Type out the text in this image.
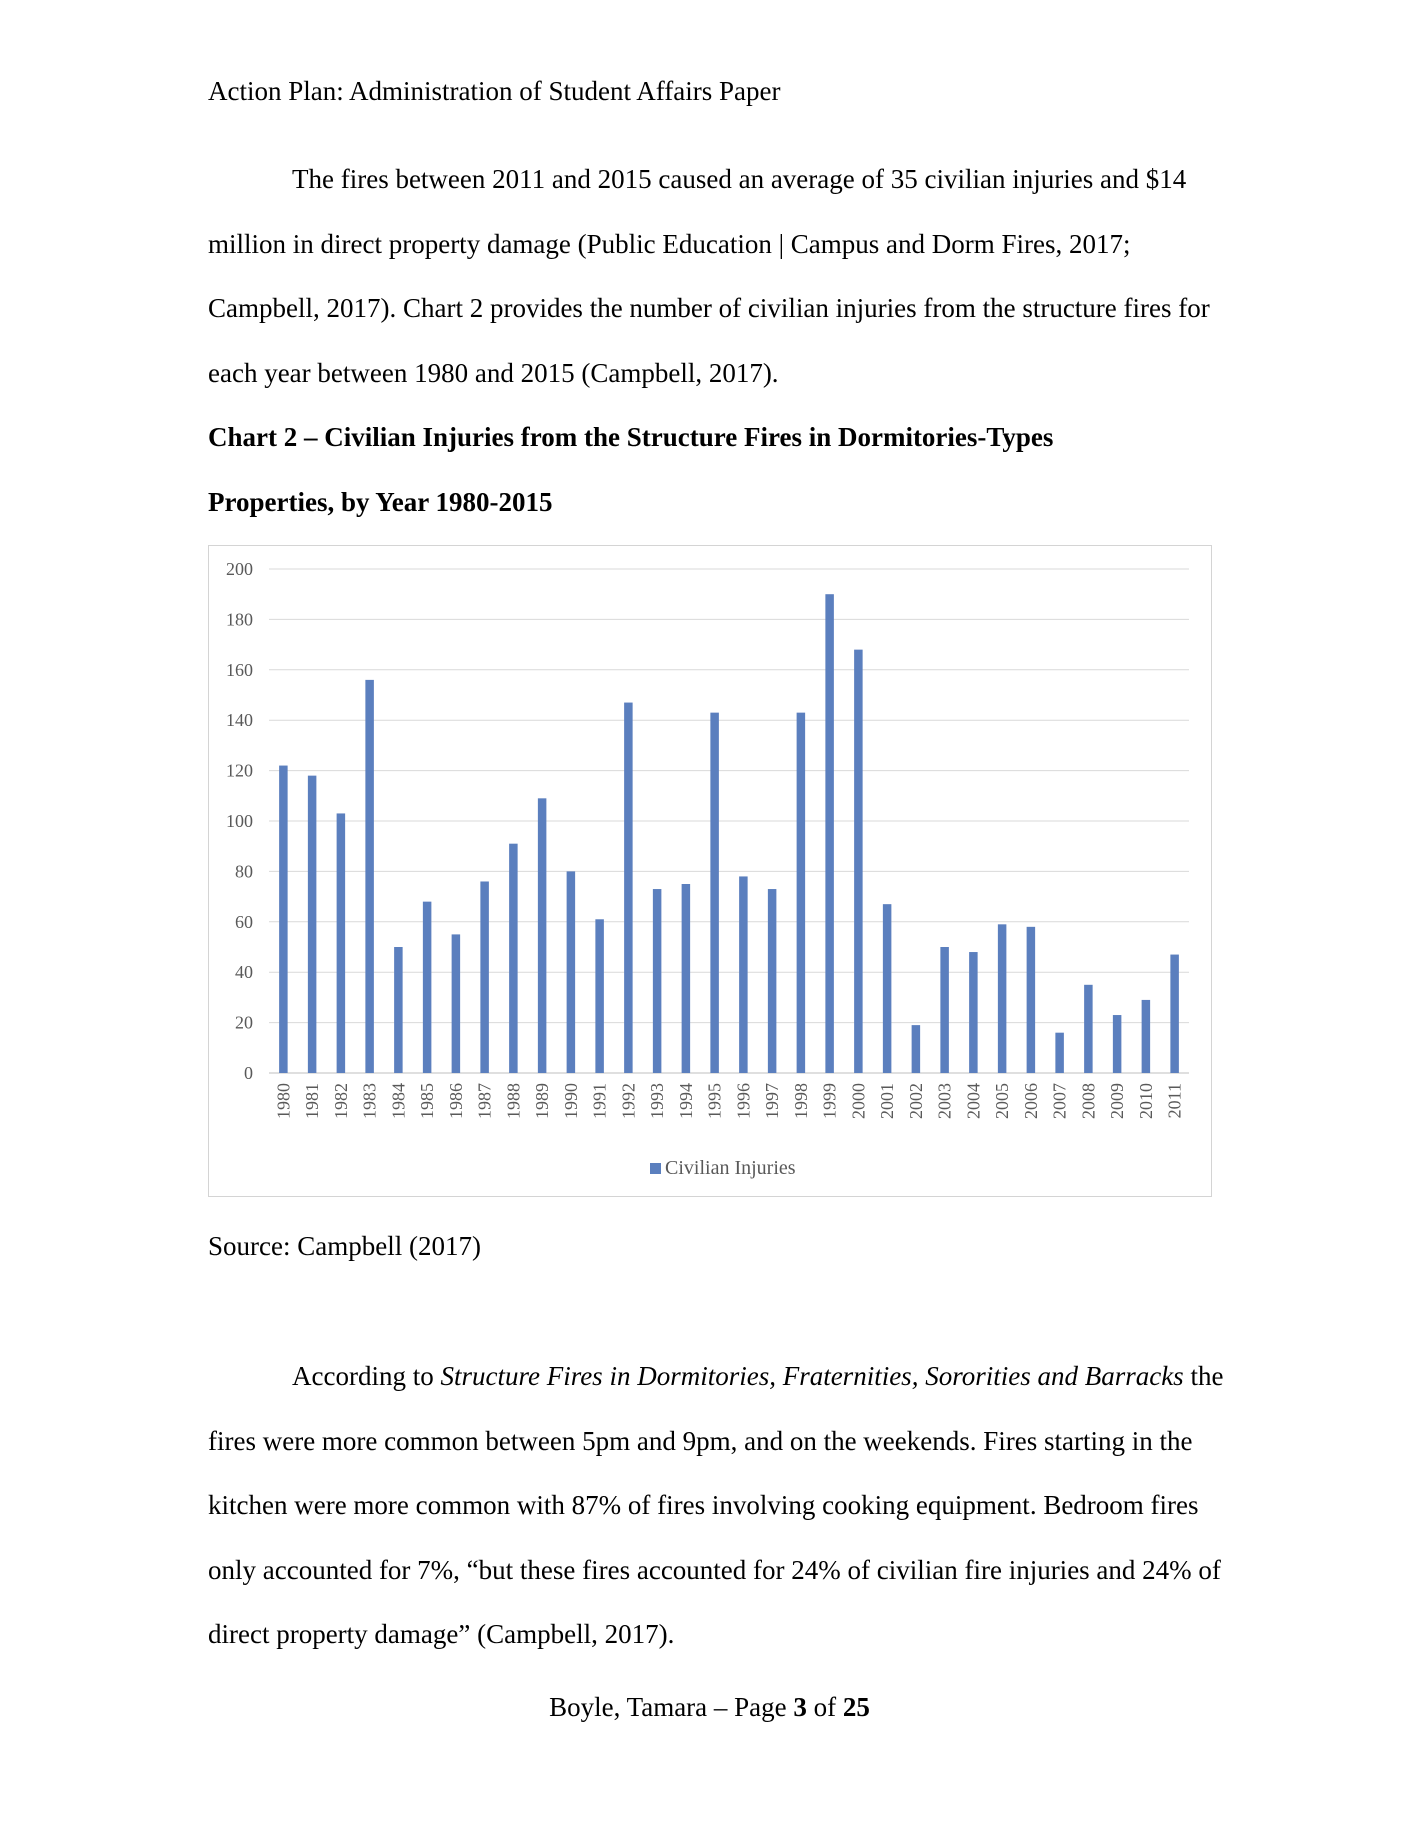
Action Plan: Administration of Student Affairs Paper

The fires between 2011 and 2015 caused an average of 35 civilian injuries and $14 million in direct property damage (Public Education | Campus and Dorm Fires, 2017; Campbell, 2017). Chart 2 provides the number of civilian injuries from the structure fires for each year between 1980 and 2015 (Campbell, 2017).

Chart 2 – Civilian Injuries from the Structure Fires in Dormitories-Types
Properties, by Year 1980-2015
0
20
40
60
80
100
120
140
160
180
200
1980 1981 1982 1983 1984 1985 1986 1987 1988 1989 1990 1991 1992 1993 1994 1995 1996 1997 1998 1999 2000 2001 2002 2003 2004 2005 2006 2007 2008 2009 2010 2011
Civilian Injuries
Source: Campbell (2017)

According to Structure Fires in Dormitories, Fraternities, Sororities and Barracks the fires were more common between 5pm and 9pm, and on the weekends. Fires starting in the kitchen were more common with 87% of fires involving cooking equipment. Bedroom fires only accounted for 7%, “but these fires accounted for 24% of civilian fire injuries and 24% of direct property damage” (Campbell, 2017).

Boyle, Tamara – Page 3 of 25
